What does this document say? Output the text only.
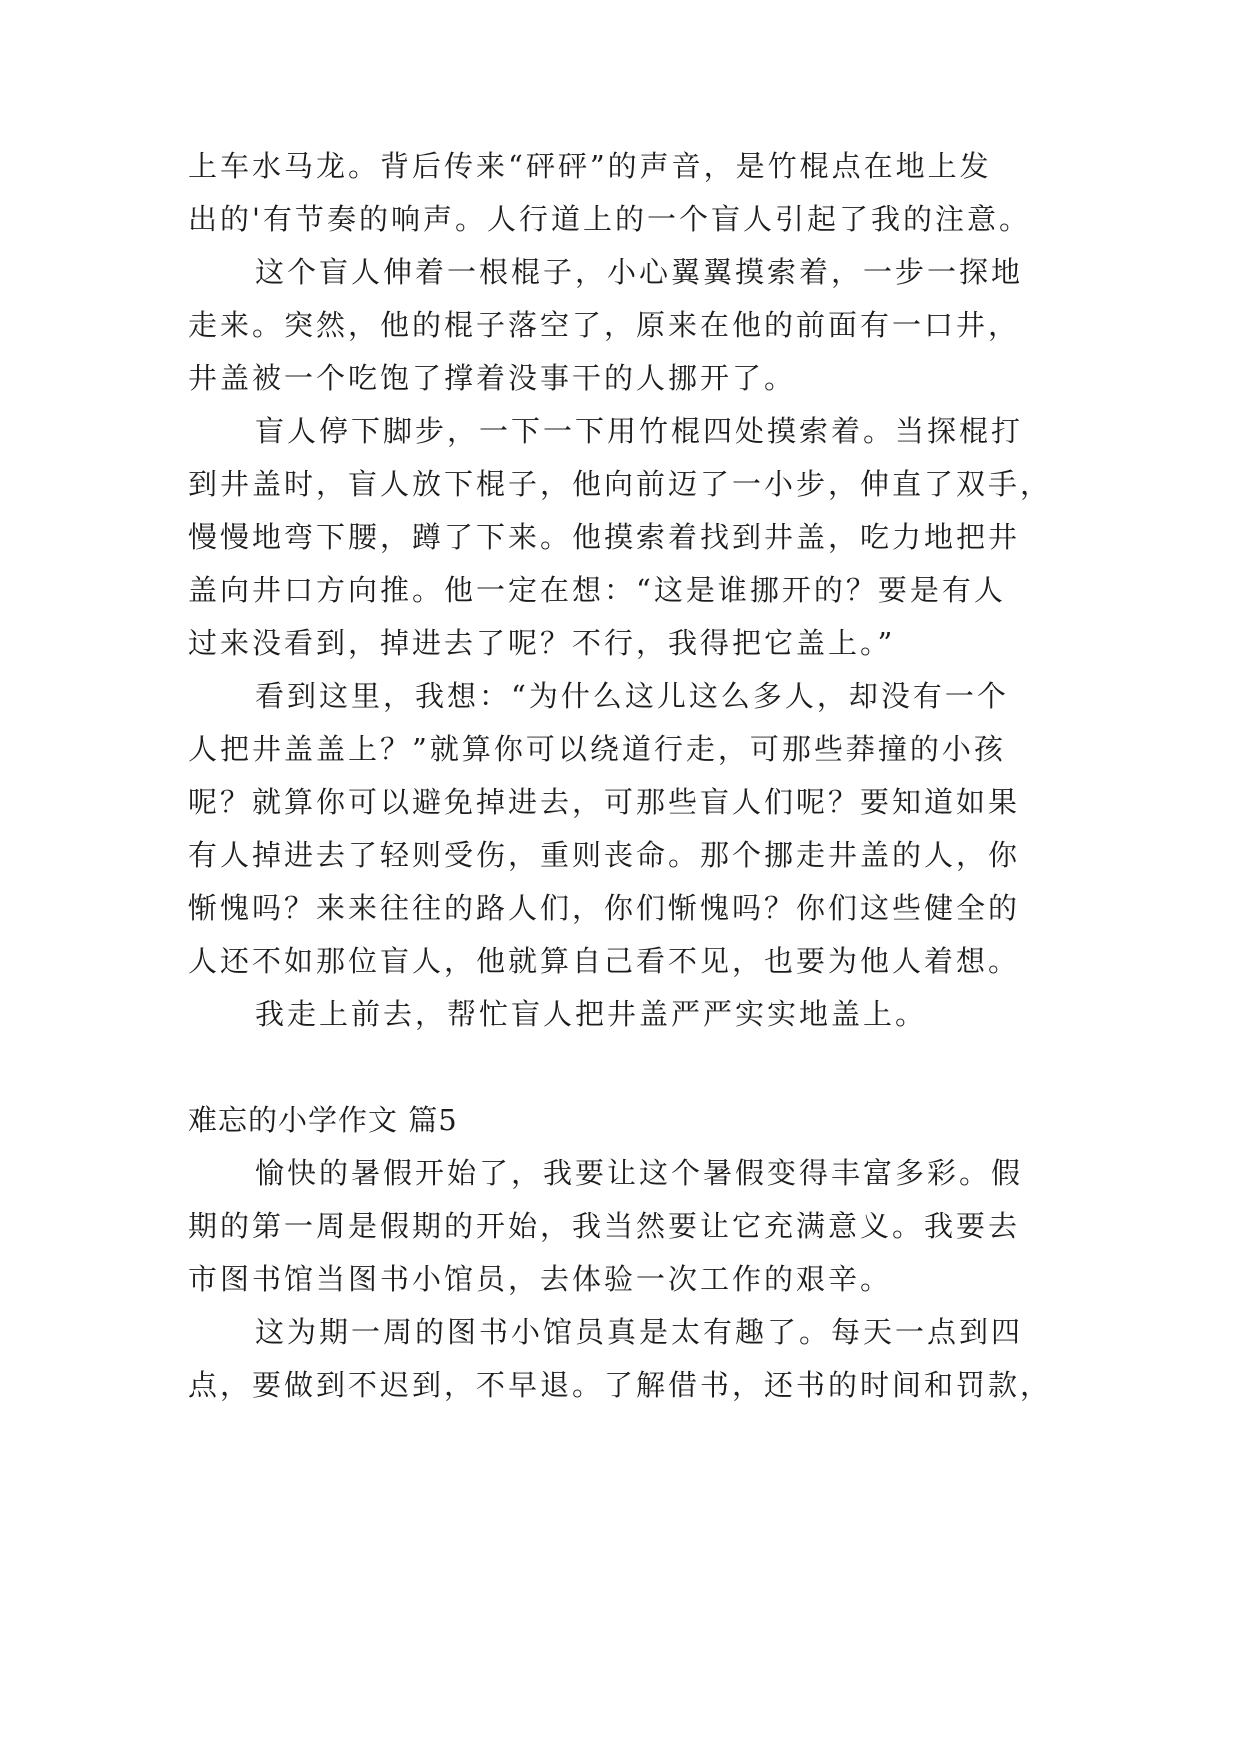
上车水马龙。背后传来“砰砰”的声音，是竹棍点在地上发
出的'有节奏的响声。人行道上的一个盲人引起了我的注意。
这个盲人伸着一根棍子，小心翼翼摸索着，一步一探地
走来。突然，他的棍子落空了，原来在他的前面有一口井，
井盖被一个吃饱了撑着没事干的人挪开了。
盲人停下脚步，一下一下用竹棍四处摸索着。当探棍打
到井盖时，盲人放下棍子，他向前迈了一小步，伸直了双手，
慢慢地弯下腰，蹲了下来。他摸索着找到井盖，吃力地把井
盖向井口方向推。他一定在想：“这是谁挪开的？要是有人
过来没看到，掉进去了呢？不行，我得把它盖上。”
看到这里，我想：“为什么这儿这么多人，却没有一个
人把井盖盖上？”就算你可以绕道行走，可那些莽撞的小孩
呢？就算你可以避免掉进去，可那些盲人们呢？要知道如果
有人掉进去了轻则受伤，重则丧命。那个挪走井盖的人，你
惭愧吗？来来往往的路人们，你们惭愧吗？你们这些健全的
人还不如那位盲人，他就算自己看不见，也要为他人着想。
我走上前去，帮忙盲人把井盖严严实实地盖上。
难忘的小学作文 篇5
愉快的暑假开始了，我要让这个暑假变得丰富多彩。假
期的第一周是假期的开始，我当然要让它充满意义。我要去
市图书馆当图书小馆员，去体验一次工作的艰辛。
这为期一周的图书小馆员真是太有趣了。每天一点到四
点，要做到不迟到，不早退。了解借书，还书的时间和罚款，
